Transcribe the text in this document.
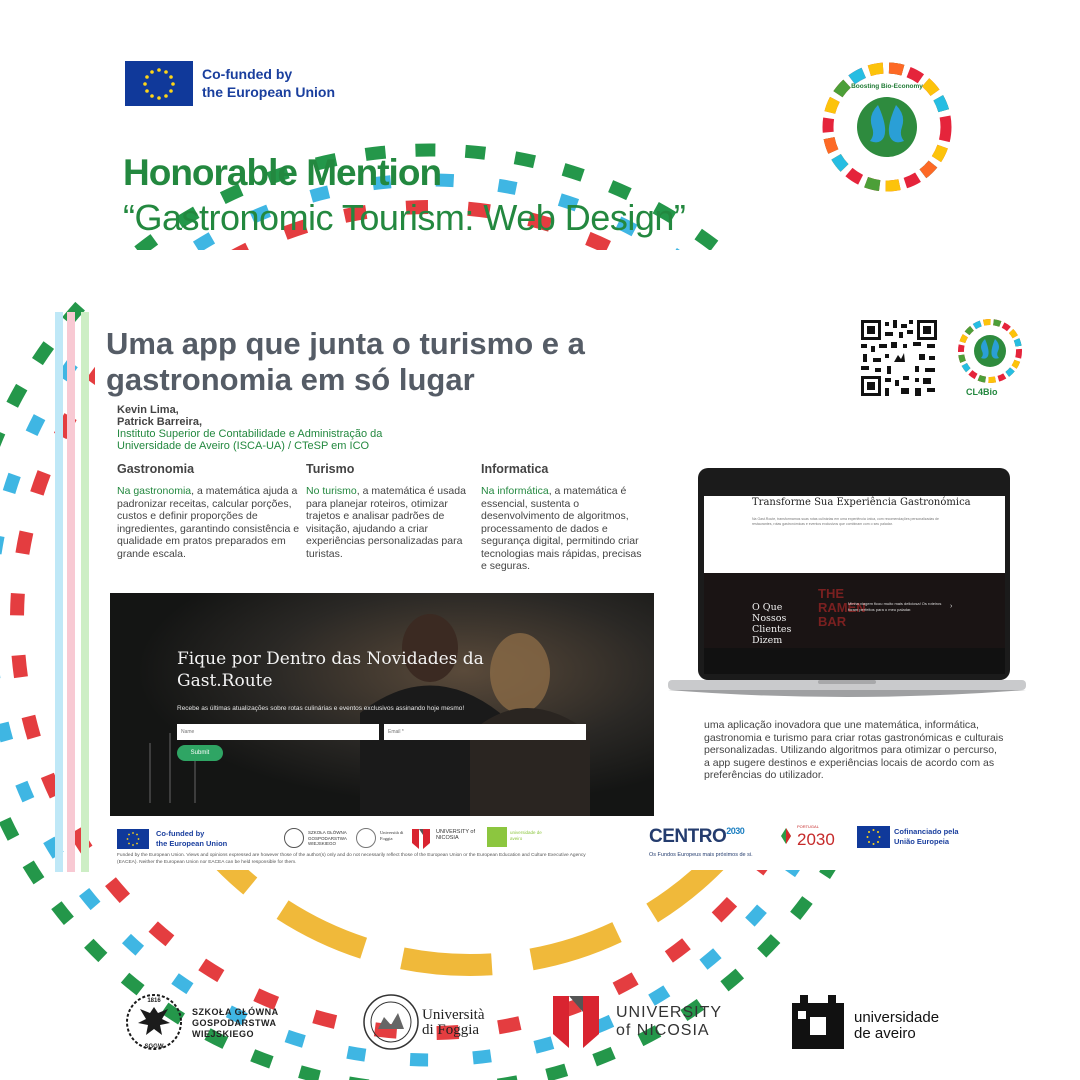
Co-funded by
the European Union
Honorable Mention
“Gastronomic Tourism: Web Design”
Boosting Bio-Economy
Uma app que junta o turismo e a gastronomia em só lugar
Kevin Lima,
Patrick Barreira,
Instituto Superior de Contabilidade e Administração da Universidade de Aveiro (ISCA-UA) / CTeSP em ICO
Gastronomia
Na gastronomia, a matemática ajuda a padronizar receitas, calcular porções, custos e definir proporções de ingredientes, garantindo consistência e qualidade em pratos preparados em grande escala.
Turismo
No turismo, a matemática é usada para planejar roteiros, otimizar trajetos e analisar padrões de visitação, ajudando a criar experiências personalizadas para turistas.
Informatica
Na informática, a matemática é essencial, sustenta o desenvolvimento de algoritmos, processamento de dados e segurança digital, permitindo criar tecnologias mais rápidas, precisas e seguras.
CL4Bio
Fique por Dentro das Novidades da Gast.Route
Recebe as últimas atualizações sobre rotas culinárias e eventos exclusivos assinando hoje mesmo!
Name
Email *
Submit
THE
RAMEN
BAR
Transforme Sua Experiência Gastronómica
Na Gast.Route, transformamos suas rotas culinárias em uma experiência única, com recomendações personalizadas de restaurantes, rotas gastronómicas e eventos exclusivos que combinam com o seu paladar.
O Que Nossos Clientes Dizem
Minha viagem ficou muito mais deliciosa! Os roteiros foram perfeitos para o meu paladar.	›
uma aplicação inovadora que une matemática, informática, gastronomia e turismo para criar rotas gastronómicas e culturais personalizadas. Utilizando algoritmos para otimizar o percurso, a app sugere destinos e experiências locais de acordo com as preferências do utilizador.
Co-funded by
the European Union
SZKOŁA GŁÓWNA GOSPODARSTWA WIEJSKIEGO
Università di Foggia
UNIVERSITY of NICOSIA
universidade de aveiro
Funded by the European Union. Views and opinions expressed are however those of the author(s) only and do not necessarily reflect those of the European Union or the European Education and Culture Executive Agency (EACEA). Neither the European Union nor EACEA can be held responsible for them.
$CENTRO^{2030}$
Os Fundos Europeus mais próximos de si.
PORTUGAL
2030	Cofinanciado pela
União Europeia
1816
SGGW
SZKOŁA GŁÓWNA
GOSPODARSTWA
WIEJSKIEGO
Università
di Foggia
UNIVERSITY
of NICOSIA
universidade
de aveiro
